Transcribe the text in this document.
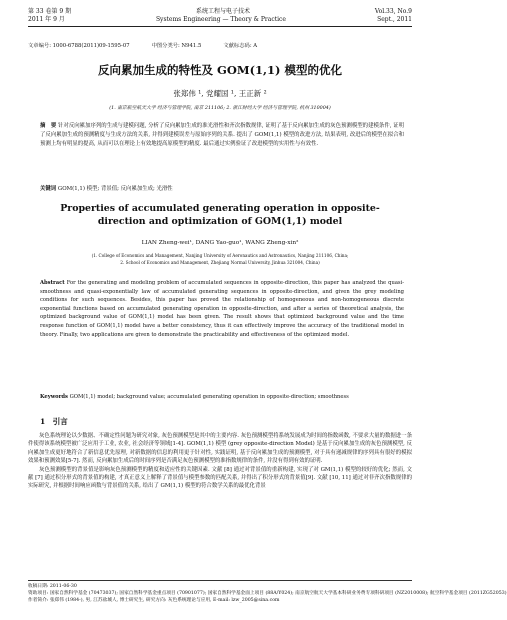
第 33 卷第 9 期	系统工程与电子技术	Vol.33, No.9
2011 年 9 月	Systems Engineering — Theory & Practice	Sept., 2011
文章编号: 1000-6788(2011)09-1595-07	中图分类号: N941.5	文献标志码: A
反向累加生成的特性及 GOM(1,1) 模型的优化
张郑伟 ¹, 党耀国 ¹, 王正新 ²
(1. 南京航空航天大学 经济与管理学院, 南京 211106; 2. 浙江财经大学 经济与管理学院, 杭州 310004)
摘　要 针对反向累加序列的生成与建模问题, 分析了反向累加生成的准光滑性和齐次指数规律, 证明了基于反向累加生成的灰色预测模型的建模条件, 证明了反向累加生成的预测精度与生成方法的关系, 并得到建模误差与原始序列的关系. 提出了 GOM(1,1) 模型的改进方法, 结果表明, 改进后的模型在拟合和预测上均有明显的提高, 从而可以在理论上有效地提高原模型的精度. 最后通过实例验证了改进模型的实用性与有效性.
关键词 GOM(1,1) 模型; 背景值; 反向累加生成; 光滑性
Properties of accumulated generating operation in opposite-direction and optimization of GOM(1,1) model
LIAN Zheng-wei¹, DANG Yao-guo¹, WANG Zheng-xin²
(1. College of Economics and Management, Nanjing University of Aeronautics and Astronautics, Nanjing 211106, China;
2. School of Economics and Management, Zhejiang Normal University, Jinhua 321004, China)
Abstract For the generating and modeling problem of accumulated sequences in opposite-direction, this paper has analyzed the quasi-smoothness and quasi-exponentially law of accumulated generating sequences in opposite-direction, and given the grey modeling conditions for such sequences. Besides, this paper has proved the relationship of homogeneous and non-homogeneous discrete exponential functions based on accumulated generating operation in opposite-direction, and after a series of theoretical analysis, the optimized background value of GOM(1,1) model has been given. The result shows that optimized background value and the time response function of GOM(1,1) model have a better consistency, thus it can effectively improve the accuracy of the traditional model in theory. Finally, two applications are given to demonstrate the practicability and effectiveness of the optimized model.
Keywords GOM(1,1) model; background value; accumulated generating operation in opposite-direction; smoothness
1　引言

灰色系统理论以少数据、不确定性问题为研究对象, 灰色预测模型是其中的主要内容. 灰色预测模型将系统发展成为时间的指数函数, 不要求大量的数据进一条件使得该系统模型被广泛应用于工业, 农业, 社会经济等领域[1-4]. GOM(1,1) 模型 (grey opposite-direction Model) 是基于反向累加生成的灰色预测模型, 反向累加生成更好地符合了新信息优先原理, 对新数据的信息的利用更于针对性, 实践证明, 基于反向累加生成的预测模型, 对于具有递减规律的序列具有很好的模拟效果和预测效果[5-7]. 然而, 反向累加生成后的时间序列是否满足灰色预测模型的准指数规律的条件, 并没有得到有效的证明.

灰色预测模型的背景值是影响灰色预测模型的精度和适应性的关键因素. 文献 [8] 通过对背景值的重新构建, 实现了对 GM(1,1) 模型的较好的优化; 然而, 文献 [7] 通过积分形式的背景值的构建, 才真正意义上解释了背景值与模型参数的匹配关系, 并得出了积分形式的背景值[9]. 文献 [10, 11] 通过对非齐次指数规律的实际研究, 并根据时间响应函数与背景值的关系, 给出了 GM(1,1) 模型的符合数学关系的最优化背景

收稿日期: 2011-06-30
资助项目: 国家自然科学基金 (70473037); 国家自然科学基金重点项目 (70901077); 国家自然科学基金面上项目 (88A/Y024); 南京航空航天大学基本科研业务费专项科研项目 (NZ2010008); 航空科学基金项目 (2011ZG52053)
作者简介: 张郑伟 (1984-), 男, 江苏盐城人, 博士研究生, 研究方向: 灰色系统理论与应用, E-mail: lzw_2005@sina.com
